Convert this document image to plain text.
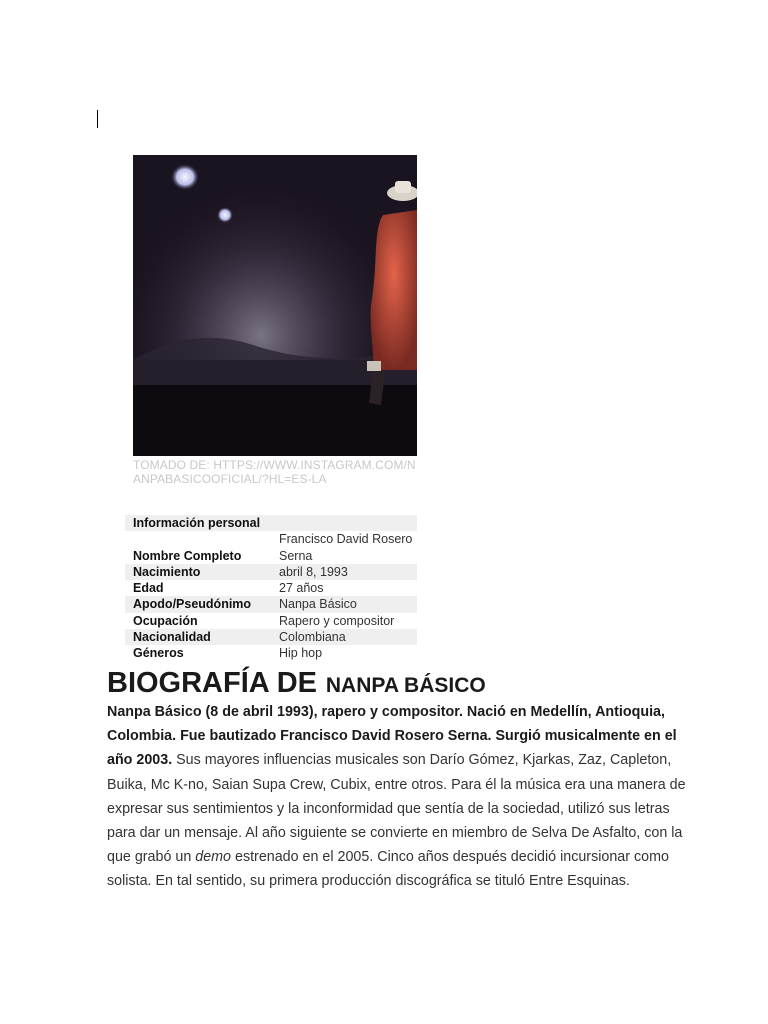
TOMADO DE: HTTPS://WWW.INSTAGRAM.COM/NANPABASICOOFICIAL/?HL=ES-LA
Información personal	
Nombre Completo	Francisco David Rosero Serna
Nacimiento	abril 8, 1993
Edad	27 años
Apodo/Pseudónimo	Nanpa Básico
Ocupación	Rapero y compositor
Nacionalidad	Colombiana
Géneros	Hip hop
BIOGRAFÍA DE NANPA BÁSICO

Nanpa Básico (8 de abril 1993), rapero y compositor. Nació en Medellín, Antioquia, Colombia. Fue bautizado Francisco David Rosero Serna. Surgió musicalmente en el año 2003. Sus mayores influencias musicales son Darío Gómez, Kjarkas, Zaz, Capleton, Buika, Mc K-no, Saian Supa Crew, Cubix, entre otros. Para él la música era una manera de expresar sus sentimientos y la inconformidad que sentía de la sociedad, utilizó sus letras para dar un mensaje. Al año siguiente se convierte en miembro de Selva De Asfalto, con la que grabó un demo estrenado en el 2005. Cinco años después decidió incursionar como solista. En tal sentido, su primera producción discográfica se tituló Entre Esquinas.
